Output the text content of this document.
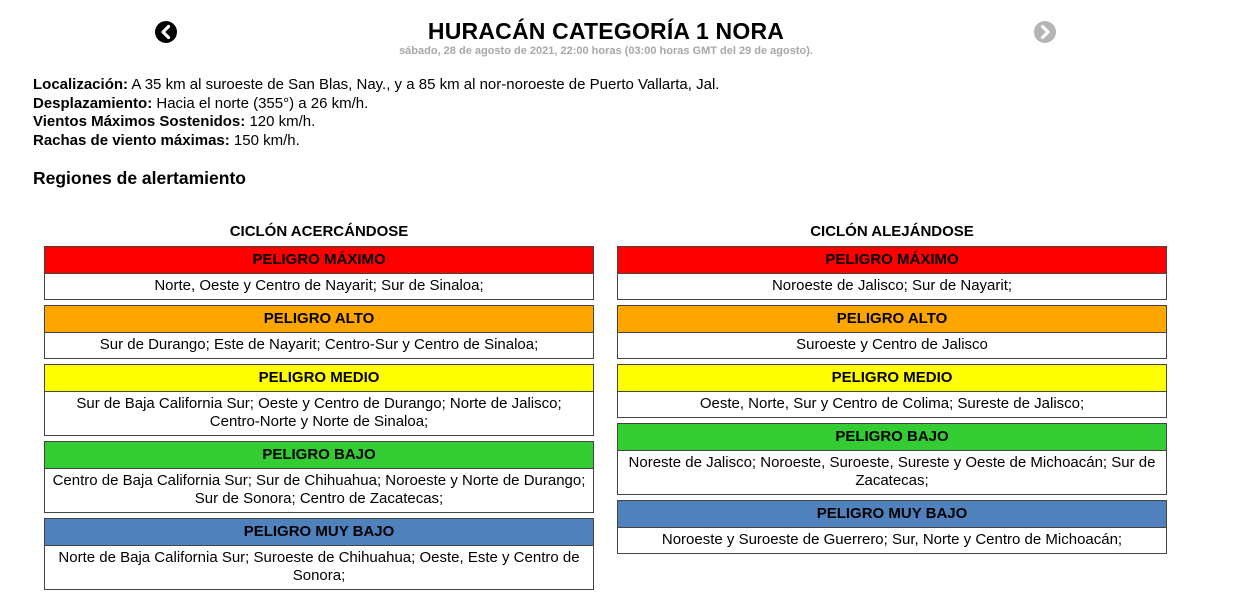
HURACÁN CATEGORÍA 1 NORA
sábado, 28 de agosto de 2021, 22:00 horas (03:00 horas GMT del 29 de agosto).
Localización: A 35 km al suroeste de San Blas, Nay., y a 85 km al nor-noroeste de Puerto Vallarta, Jal.
Desplazamiento: Hacia el norte (355°) a 26 km/h.
Vientos Máximos Sostenidos: 120 km/h.
Rachas de viento máximas: 150 km/h.
Regiones de alertamiento
CICLÓN ACERCÁNDOSE
PELIGRO MÁXIMO
Norte, Oeste y Centro de Nayarit; Sur de Sinaloa;
PELIGRO ALTO
Sur de Durango; Este de Nayarit; Centro-Sur y Centro de Sinaloa;
PELIGRO MEDIO
Sur de Baja California Sur; Oeste y Centro de Durango; Norte de Jalisco; Centro-Norte y Norte de Sinaloa;
PELIGRO BAJO
Centro de Baja California Sur; Sur de Chihuahua; Noroeste y Norte de Durango; Sur de Sonora; Centro de Zacatecas;
PELIGRO MUY BAJO
Norte de Baja California Sur; Suroeste de Chihuahua; Oeste, Este y Centro de Sonora;
CICLÓN ALEJÁNDOSE
PELIGRO MÁXIMO
Noroeste de Jalisco; Sur de Nayarit;
PELIGRO ALTO
Suroeste y Centro de Jalisco
PELIGRO MEDIO
Oeste, Norte, Sur y Centro de Colima; Sureste de Jalisco;
PELIGRO BAJO
Noreste de Jalisco; Noroeste, Suroeste, Sureste y Oeste de Michoacán; Sur de Zacatecas;
PELIGRO MUY BAJO
Noroeste y Suroeste de Guerrero; Sur, Norte y Centro de Michoacán;
